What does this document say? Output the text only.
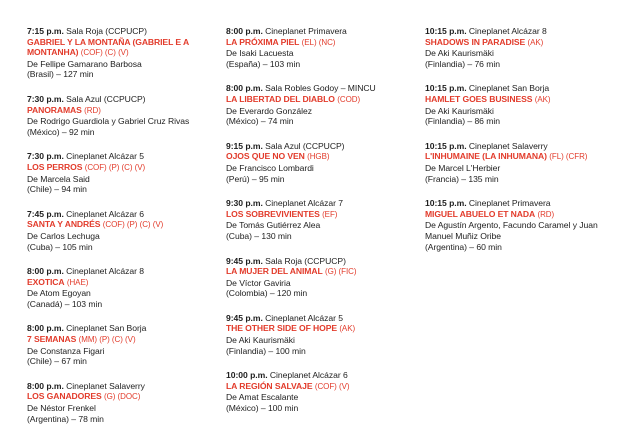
7:15 p.m. Sala Roja (CCPUCP)
GABRIEL Y LA MONTAÑA (GABRIEL E A MONTANHA) (COF) (C) (V)
De Fellipe Gamarano Barbosa
(Brasil) – 127 min
7:30 p.m. Sala Azul (CCPUCP)
PANORAMAS (RD)
De Rodrigo Guardiola y Gabriel Cruz Rivas
(México) – 92 min
7:30 p.m. Cineplanet Alcázar 5
LOS PERROS (COF) (P) (C) (V)
De Marcela Said
(Chile) – 94 min
7:45 p.m. Cineplanet Alcázar 6
SANTA Y ANDRÉS (COF) (P) (C) (V)
De Carlos Lechuga
(Cuba) – 105 min
8:00 p.m. Cineplanet Alcázar 8
EXOTICA (HAE)
De Atom Egoyan
(Canadá) – 103 min
8:00 p.m. Cineplanet San Borja
7 SEMANAS (MM) (P) (C) (V)
De Constanza Figari
(Chile) – 67 min
8:00 p.m. Cineplanet Salaverry
LOS GANADORES (G) (DOC)
De Néstor Frenkel
(Argentina) – 78 min
8:00 p.m. Cineplanet Primavera
LA PRÓXIMA PIEL (EL) (NC)
De Isaki Lacuesta
(España) – 103 min
8:00 p.m. Sala Robles Godoy – MINCU
LA LIBERTAD DEL DIABLO (COD)
De Everardo González
(México) – 74 min
9:15 p.m. Sala Azul (CCPUCP)
OJOS QUE NO VEN (HGB)
De Francisco Lombardi
(Perú) – 95 min
9:30 p.m. Cineplanet Alcázar 7
LOS SOBREVIVIENTES (EF)
De Tomás Gutiérrez Alea
(Cuba) – 130 min
9:45 p.m. Sala Roja (CCPUCP)
LA MUJER DEL ANIMAL (G) (FIC)
De Víctor Gaviria
(Colombia) – 120 min
9:45 p.m. Cineplanet Alcázar 5
THE OTHER SIDE OF HOPE (AK)
De Aki Kaurismäki
(Finlandia) – 100 min
10:00 p.m. Cineplanet Alcázar 6
LA REGIÓN SALVAJE (COF) (V)
De Amat Escalante
(México) – 100 min
10:15 p.m. Cineplanet Alcázar 8
SHADOWS IN PARADISE (AK)
De Aki Kaurismäki
(Finlandia) – 76 min
10:15 p.m. Cineplanet San Borja
HAMLET GOES BUSINESS (AK)
De Aki Kaurismäki
(Finlandia) – 86 min
10:15 p.m. Cineplanet Salaverry
L'INHUMAINE (LA INHUMANA) (FL) (CFR)
De Marcel L'Herbier
(Francia) – 135 min
10:15 p.m. Cineplanet Primavera
MIGUEL ABUELO ET NADA (RD)
De Agustín Argento, Facundo Caramel y Juan Manuel Muñiz Oribe
(Argentina) – 60 min
